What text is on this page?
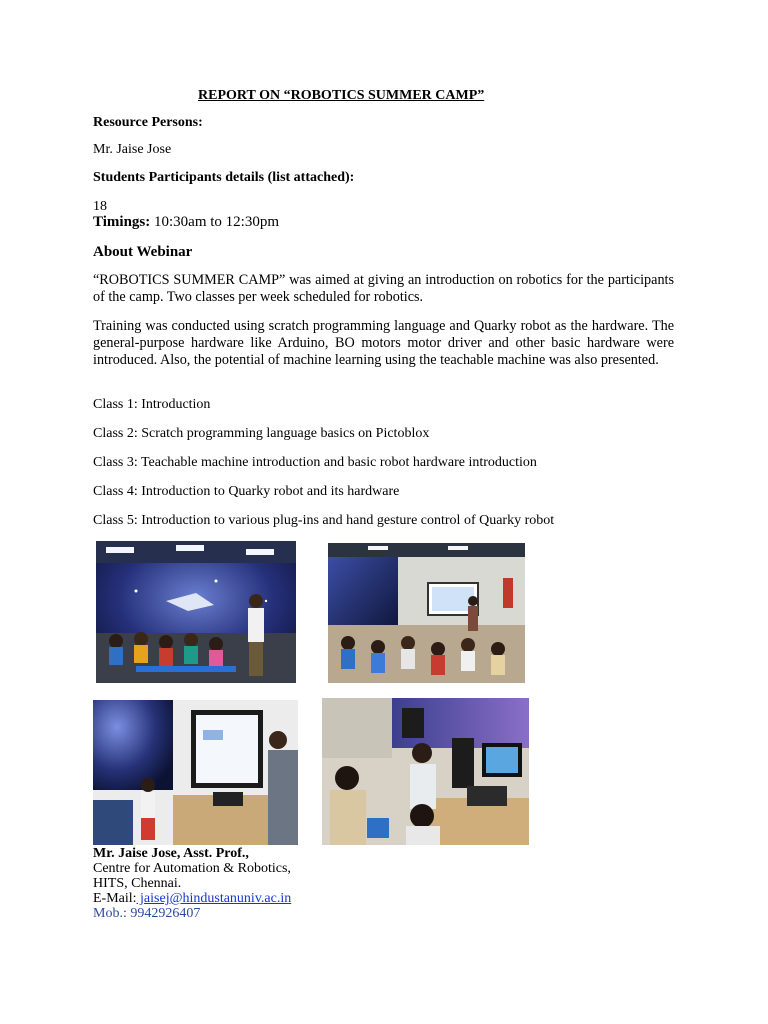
REPORT ON “ROBOTICS SUMMER CAMP”
Resource Persons:
Mr. Jaise Jose
Students Participants details (list attached):
18
Timings: 10:30am to 12:30pm
About Webinar
“ROBOTICS SUMMER CAMP” was aimed at giving an introduction on robotics for the participants of the camp. Two classes per week scheduled for robotics.
Training was conducted using scratch programming language and Quarky robot as the hardware. The general-purpose hardware like Arduino, BO motors motor driver and other basic hardware were introduced. Also, the potential of machine learning using the teachable machine was also presented.
Class 1: Introduction
Class 2: Scratch programming language basics on Pictoblox
Class 3: Teachable machine introduction and basic robot hardware introduction
Class 4: Introduction to Quarky robot and its hardware
Class 5: Introduction to various plug-ins and hand gesture control of Quarky robot
Mr. Jaise Jose, Asst. Prof.,
Centre for Automation & Robotics,
HITS, Chennai.
E-Mail: jaisej@hindustanuniv.ac.in
Mob.: 9942926407
